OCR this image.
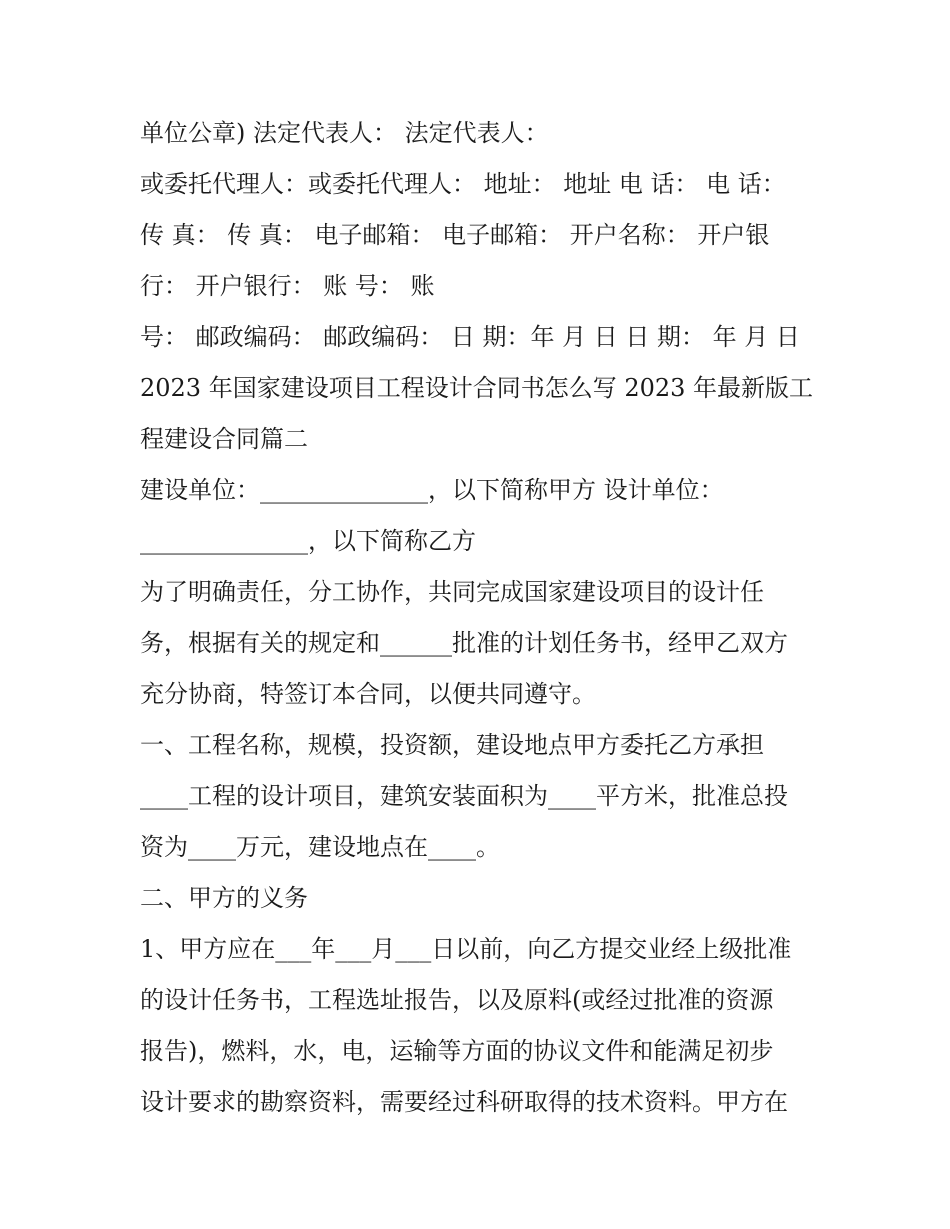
单位公章) 法定代表人： 法定代表人：
或委托代理人：或委托代理人： 地址： 地址 电 话： 电 话：
传 真： 传 真： 电子邮箱： 电子邮箱： 开户名称： 开户银
行： 开户银行： 账 号： 账
号： 邮政编码： 邮政编码： 日 期：年 月 日 日 期： 年 月 日
2023 年国家建设项目工程设计合同书怎么写 2023 年最新版工
程建设合同篇二
建设单位：______________，以下简称甲方 设计单位：
______________，以下简称乙方
为了明确责任，分工协作，共同完成国家建设项目的设计任
务，根据有关的规定和______批准的计划任务书，经甲乙双方
充分协商，特签订本合同，以便共同遵守。
一、工程名称，规模，投资额，建设地点甲方委托乙方承担
____工程的设计项目，建筑安装面积为____平方米，批准总投
资为____万元，建设地点在____。
二、甲方的义务
1、甲方应在___年___月___日以前，向乙方提交业经上级批准
的设计任务书，工程选址报告，以及原料(或经过批准的资源
报告)，燃料，水，电，运输等方面的协议文件和能满足初步
设计要求的勘察资料，需要经过科研取得的技术资料。甲方在
